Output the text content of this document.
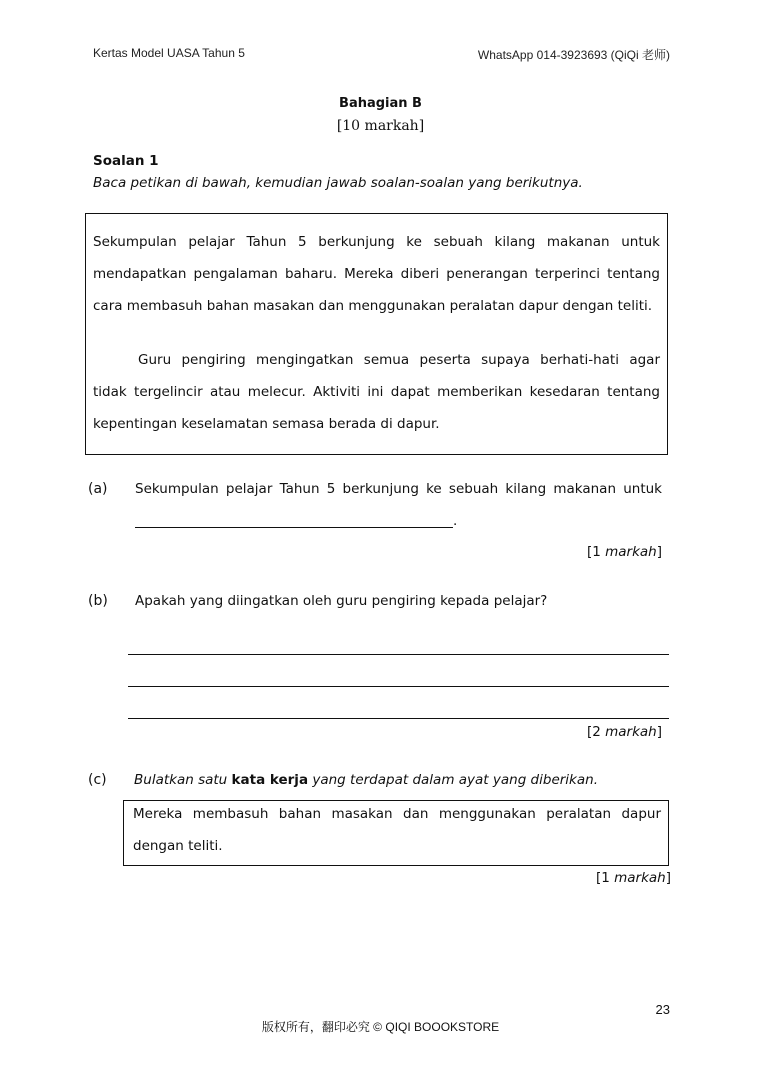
Kertas Model UASA Tahun 5	WhatsApp 014-3923693 (QiQi 老师)
Bahagian B
[10 markah]
Soalan 1
Baca petikan di bawah, kemudian jawab soalan-soalan yang berikutnya.
Sekumpulan pelajar Tahun 5 berkunjung ke sebuah kilang makanan untuk
mendapatkan pengalaman baharu. Mereka diberi penerangan terperinci tentang
cara membasuh bahan masakan dan menggunakan peralatan dapur dengan teliti.
Guru pengiring mengingatkan semua peserta supaya berhati-hati agar
tidak tergelincir atau melecur. Aktiviti ini dapat memberikan kesedaran tentang
kepentingan keselamatan semasa berada di dapur.
(a) Sekumpulan pelajar Tahun 5 berkunjung ke sebuah kilang makanan untuk
.
[1 markah]
(b) Apakah yang diingatkan oleh guru pengiring kepada pelajar?
[2 markah]
(c) Bulatkan satu kata kerja yang terdapat dalam ayat yang diberikan.
Mereka membasuh bahan masakan dan menggunakan peralatan dapur
dengan teliti.
[1 markah]
23
版权所有，翻印必究 © QIQI BOOOKSTORE
